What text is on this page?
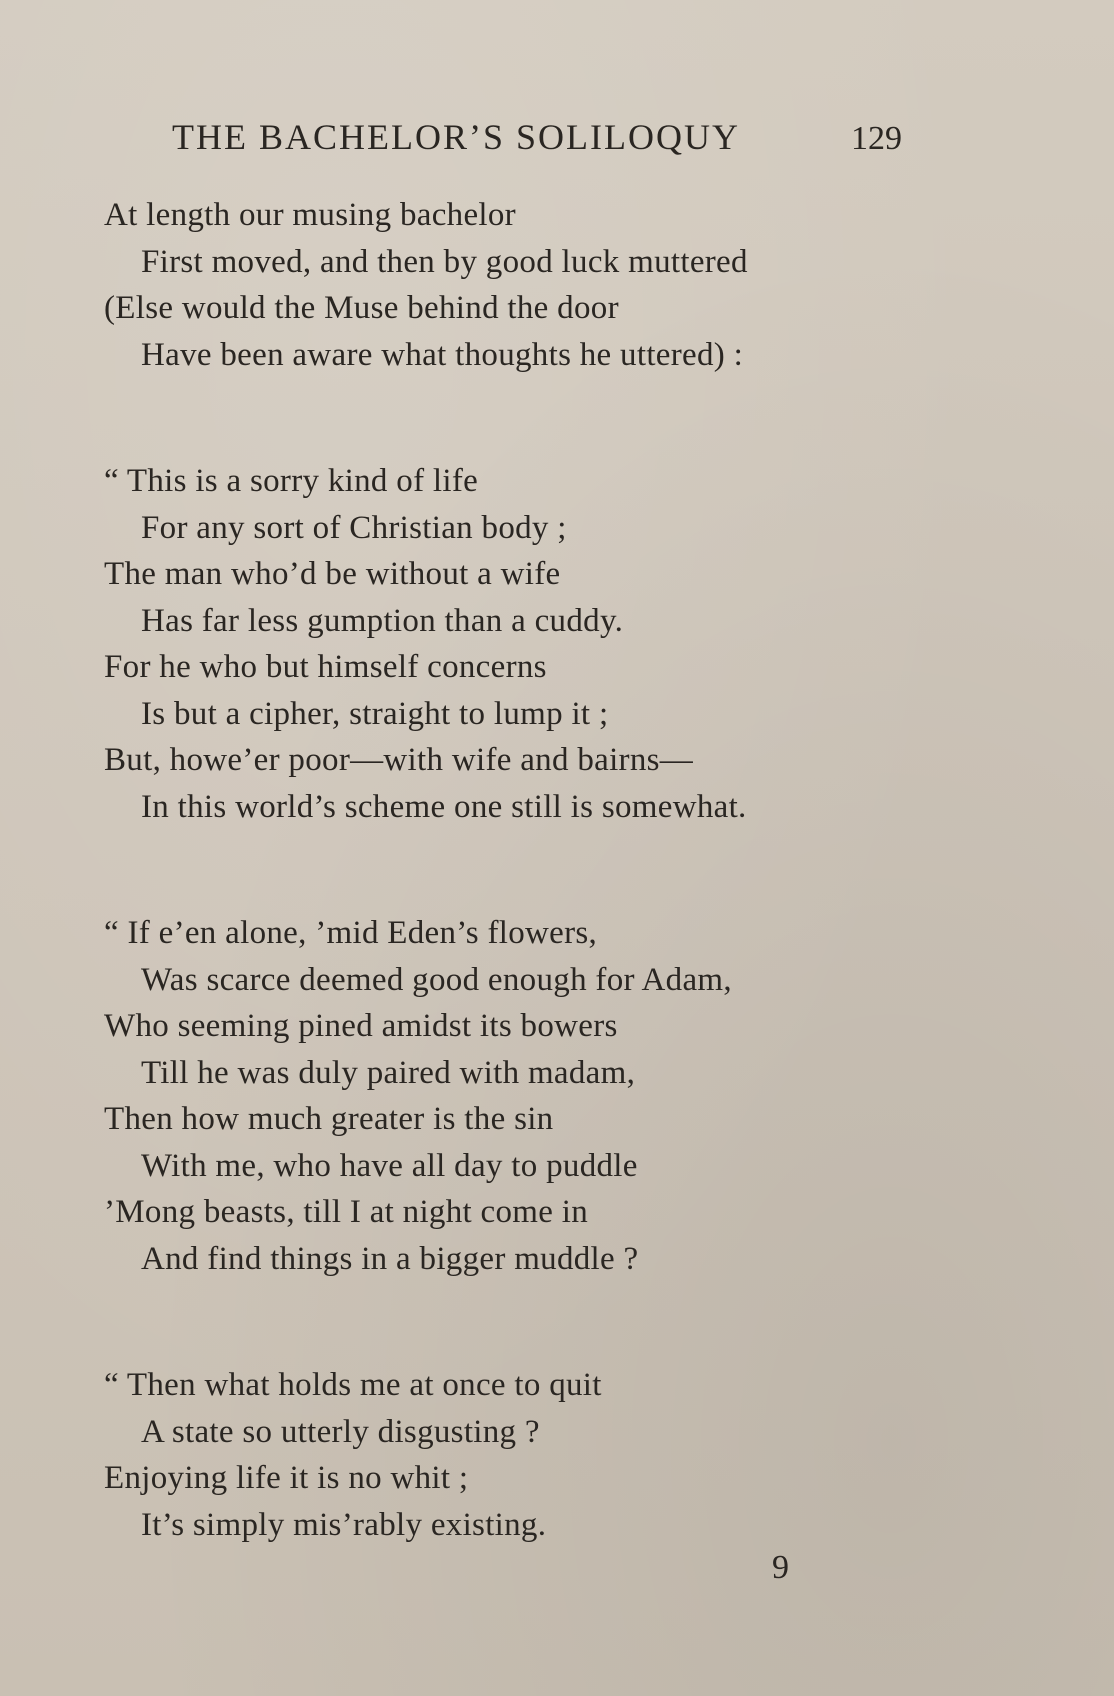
THE BACHELOR’S SOLILOQUY	129
At length our musing bachelor
First moved, and then by good luck muttered
(Else would the Muse behind the door
Have been aware what thoughts he uttered) :
“ This is a sorry kind of life
For any sort of Christian body ;
The man who’d be without a wife
Has far less gumption than a cuddy.
For he who but himself concerns
Is but a cipher, straight to lump it ;
But, howe’er poor—with wife and bairns—
In this world’s scheme one still is somewhat.
“ If e’en alone, ’mid Eden’s flowers,
Was scarce deemed good enough for Adam,
Who seeming pined amidst its bowers
Till he was duly paired with madam,
Then how much greater is the sin
With me, who have all day to puddle
’Mong beasts, till I at night come in
And find things in a bigger muddle ?
“ Then what holds me at once to quit
A state so utterly disgusting ?
Enjoying life it is no whit ;
It’s simply mis’rably existing.
9
